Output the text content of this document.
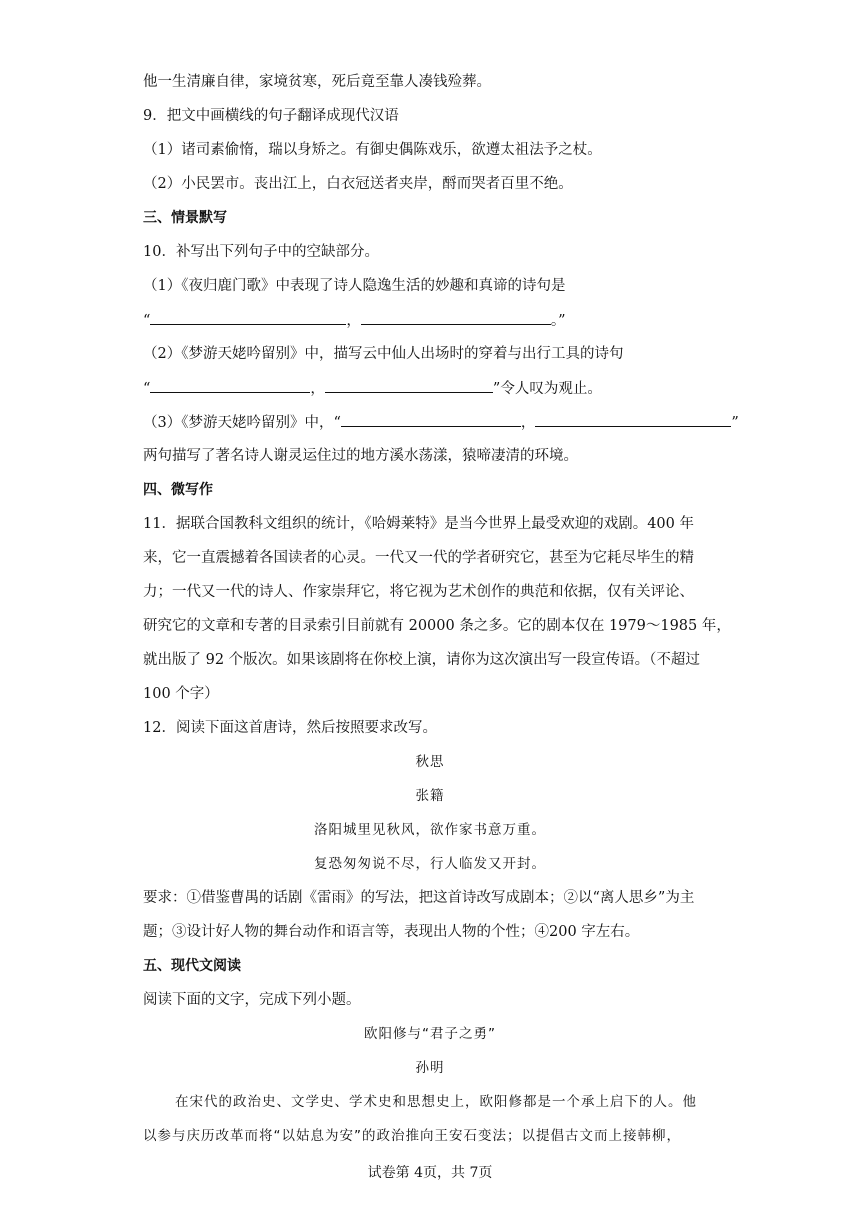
他一生清廉自律，家境贫寒，死后竟至靠人凑钱殓葬。
9．把文中画横线的句子翻译成现代汉语
（1）诸司素偷惰，瑞以身矫之。有御史偶陈戏乐，欲遵太祖法予之杖。
（2）小民罢市。丧出江上，白衣冠送者夹岸，酹而哭者百里不绝。
三、情景默写
10．补写出下列句子中的空缺部分。
（1）《夜归鹿门歌》中表现了诗人隐逸生活的妙趣和真谛的诗句是
“	，	。”
（2）《梦游天姥吟留别》中，描写云中仙人出场时的穿着与出行工具的诗句
“	，	”令人叹为观止。
（3）《梦游天姥吟留别》中，“	，	”
两句描写了著名诗人谢灵运住过的地方溪水荡漾，猿啼凄清的环境。
四、微写作
11．据联合国教科文组织的统计，《哈姆莱特》是当今世界上最受欢迎的戏剧。400 年
来，它一直震撼着各国读者的心灵。一代又一代的学者研究它，甚至为它耗尽毕生的精
力；一代又一代的诗人、作家崇拜它，将它视为艺术创作的典范和依据，仅有关评论、
研究它的文章和专著的目录索引目前就有 20000 条之多。它的剧本仅在 1979～1985 年，
就出版了 92 个版次。如果该剧将在你校上演，请你为这次演出写一段宣传语。（不超过
100 个字）
12．阅读下面这首唐诗，然后按照要求改写。
秋思
张籍
洛阳城里见秋风，欲作家书意万重。
复恐匆匆说不尽，行人临发又开封。
要求：①借鉴曹禺的话剧《雷雨》的写法，把这首诗改写成剧本；②以“离人思乡”为主
题；③设计好人物的舞台动作和语言等，表现出人物的个性；④200 字左右。
五、现代文阅读
阅读下面的文字，完成下列小题。
欧阳修与“君子之勇”
孙明
在宋代的政治史、文学史、学术史和思想史上，欧阳修都是一个承上启下的人。他
以参与庆历改革而将“以姑息为安”的政治推向王安石变法；以提倡古文而上接韩柳，
试卷第 4页，共 7页
